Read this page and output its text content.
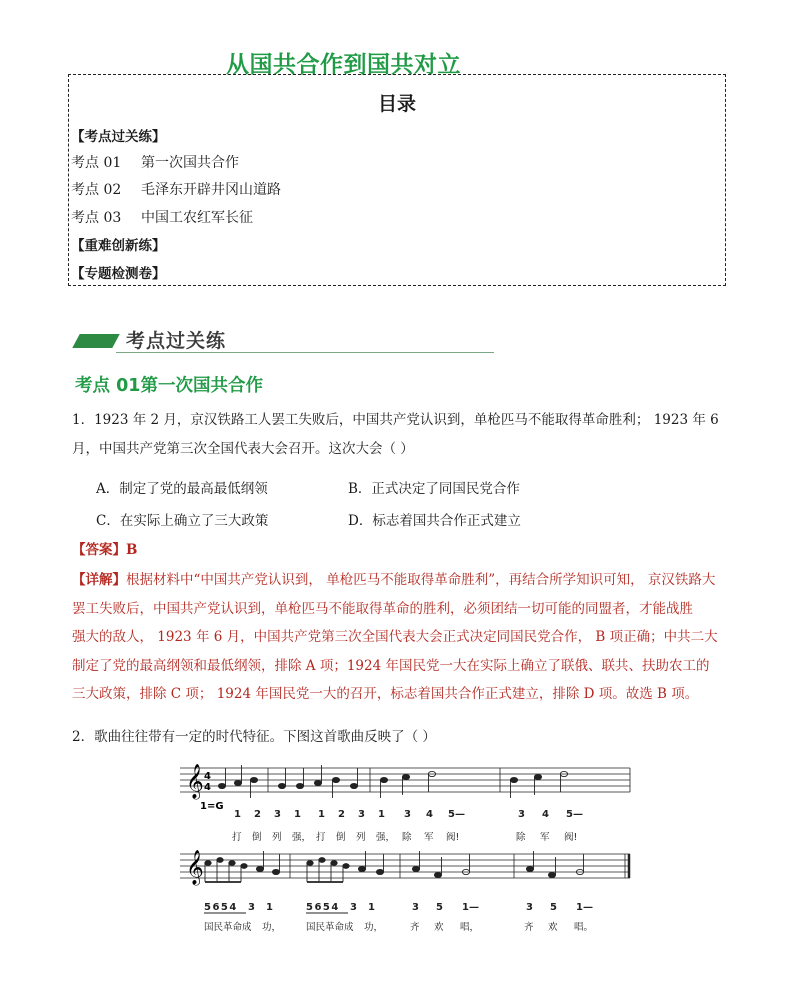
从国共合作到国共对立
目录
【考点过关练】
考点 01 第一次国共合作
考点 02 毛泽东开辟井冈山道路
考点 03 中国工农红军长征
【重难创新练】
【专题检测卷】
考点过关练
考点 01第一次国共合作
1．1923 年 2 月，京汉铁路工人罢工失败后，中国共产党认识到，单枪匹马不能取得革命胜利； 1923 年 6
月，中国共产党第三次全国代表大会召开。这次大会（ ）
A．制定了党的最高最低纲领	B．正式决定了同国民党合作
C．在实际上确立了三大政策	D．标志着国共合作正式建立
【答案】B
【详解】根据材料中“中国共产党认识到， 单枪匹马不能取得革命胜利”，再结合所学知识可知， 京汉铁路大
罢工失败后，中国共产党认识到，单枪匹马不能取得革命的胜利，必须团结一切可能的同盟者，才能战胜
强大的敌人， 1923 年 6 月，中国共产党第三次全国代表大会正式决定同国民党合作， B 项正确；中共二大
制定了党的最高纲领和最低纲领，排除 A 项；1924 年国民党一大在实际上确立了联俄、联共、扶助农工的
三大政策，排除 C 项； 1924 年国民党一大的召开，标志着国共合作正式建立，排除 D 项。故选 B 项。
2．歌曲往往带有一定的时代特征。下图这首歌曲反映了（ ）
𝄞 4
4
1=G
1 2 3 1 1 2 3 1 3 4 5—	3 4 5—
打 倒 列 强， 打 倒 列 强， 除 军 阀!	除 军 阀!
𝄞
5654 3 1	5654 3 1	3 5 1—	3 5 1—
国民革命成 功，	国民革命成 功，	齐 欢 唱，	齐 欢 唱。
